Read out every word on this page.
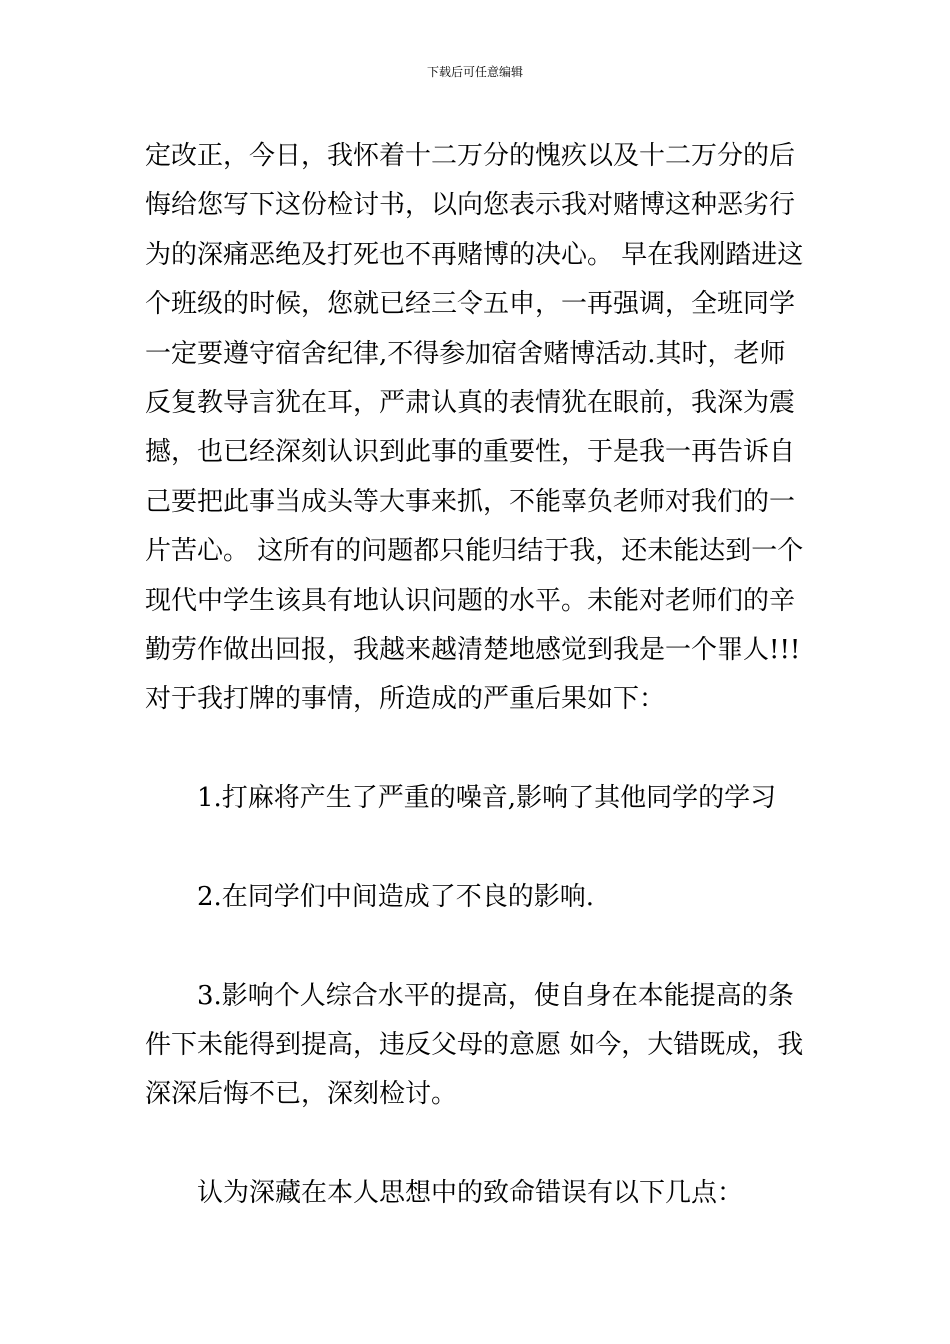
下载后可任意编辑
定改正，今日，我怀着十二万分的愧疚以及十二万分的后
悔给您写下这份检讨书，以向您表示我对赌博这种恶劣行
为的深痛恶绝及打死也不再赌博的决心。 早在我刚踏进这
个班级的时候，您就已经三令五申，一再强调，全班同学
一定要遵守宿舍纪律,不得参加宿舍赌博活动.其时，老师
反复教导言犹在耳，严肃认真的表情犹在眼前，我深为震
撼，也已经深刻认识到此事的重要性，于是我一再告诉自
己要把此事当成头等大事来抓，不能辜负老师对我们的一
片苦心。 这所有的问题都只能归结于我，还未能达到一个
现代中学生该具有地认识问题的水平。未能对老师们的辛
勤劳作做出回报，我越来越清楚地感觉到我是一个罪人!!!
对于我打牌的事情，所造成的严重后果如下：
1.打麻将产生了严重的噪音,影响了其他同学的学习
2.在同学们中间造成了不良的影响.
3.影响个人综合水平的提高，使自身在本能提高的条
件下未能得到提高，违反父母的意愿 如今，大错既成，我
深深后悔不已，深刻检讨。
认为深藏在本人思想中的致命错误有以下几点：
